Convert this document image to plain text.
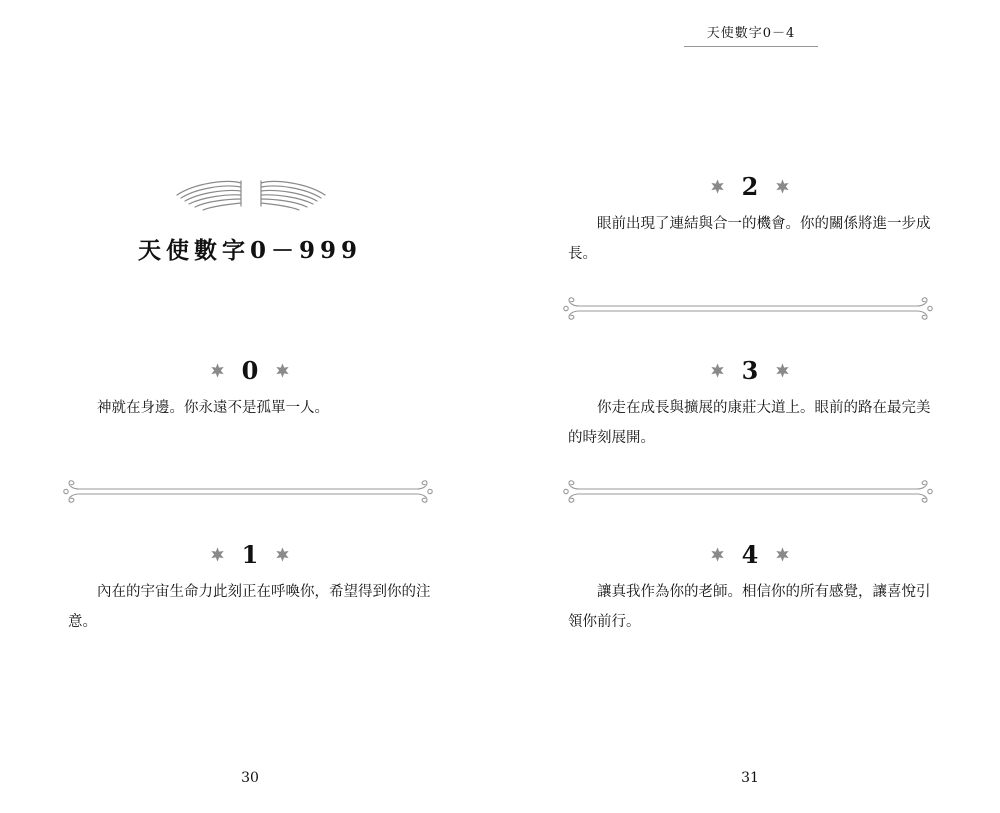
天使數字0－999
0
神就在身邊。你永遠不是孤單一人。
1
內在的宇宙生命力此刻正在呼喚你，希望得到你的注意。
30
天使數字0－4
2
眼前出現了連結與合一的機會。你的關係將進一步成長。
3
你走在成長與擴展的康莊大道上。眼前的路在最完美的時刻展開。
4
讓真我作為你的老師。相信你的所有感覺，讓喜悅引領你前行。
31
